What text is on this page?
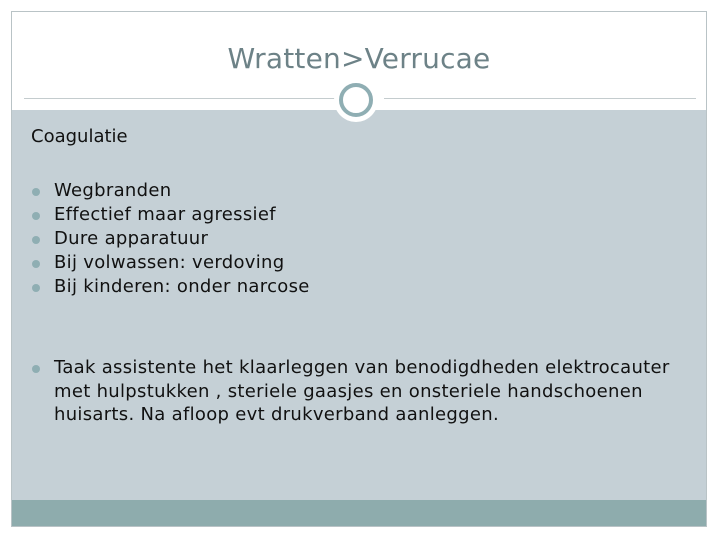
Wratten>Verrucae
Coagulatie
Wegbranden
Effectief maar agressief
Dure apparatuur
Bij volwassen: verdoving
Bij kinderen: onder narcose
Taak assistente het klaarleggen van benodigdheden elektrocauter met hulpstukken , steriele gaasjes en onsteriele handschoenen huisarts. Na afloop evt drukverband aanleggen.
